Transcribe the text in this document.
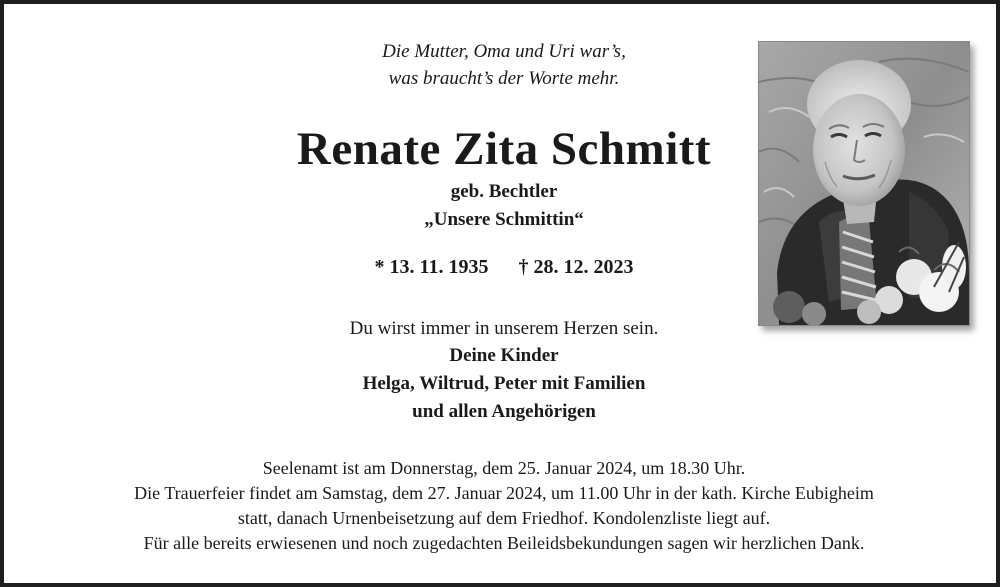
Die Mutter, Oma und Uri war’s,
was braucht’s der Worte mehr.
Renate Zita Schmitt
geb. Bechtler
„Unsere Schmittin“
* 13. 11. 1935 † 28. 12. 2023
Du wirst immer in unserem Herzen sein.
Deine Kinder
Helga, Wiltrud, Peter mit Familien
und allen Angehörigen
Seelenamt ist am Donnerstag, dem 25. Januar 2024, um 18.30 Uhr.
Die Trauerfeier findet am Samstag, dem 27. Januar 2024, um 11.00 Uhr in der kath. Kirche Eubigheim
statt, danach Urnenbeisetzung auf dem Friedhof. Kondolenzliste liegt auf.
Für alle bereits erwiesenen und noch zugedachten Beileidsbekundungen sagen wir herzlichen Dank.
